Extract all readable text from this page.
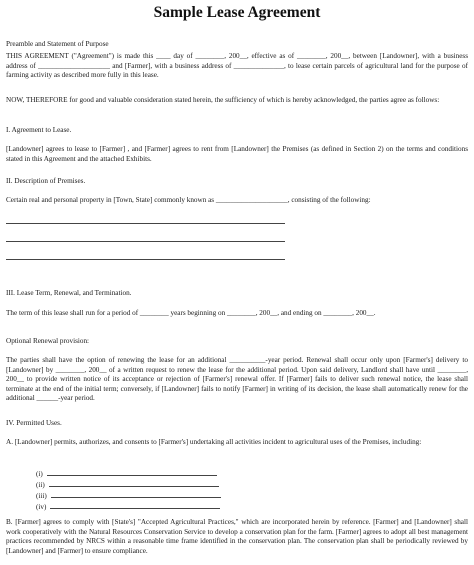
Sample Lease Agreement

Preamble and Statement of Purpose

THIS AGREEMENT ("Agreement") is made this ____ day of ________, 200__, effective as of ________, 200__, between [Landowner], with a business address of ____________________ and [Farmer], with a business address of ______________, to lease certain parcels of agricultural land for the purpose of farming activity as described more fully in this lease.

NOW, THEREFORE for good and valuable consideration stated herein, the sufficiency of which is hereby acknowledged, the parties agree as follows:

I. Agreement to Lease.

[Landowner] agrees to lease to [Farmer] , and [Farmer] agrees to rent from [Landowner] the Premises (as defined in Section 2) on the terms and conditions stated in this Agreement and the attached Exhibits.

II. Description of Premises.

Certain real and personal property in [Town, State] commonly known as ____________________, consisting of the following:

III. Lease Term, Renewal, and Termination.

The term of this lease shall run for a period of ________ years beginning on ________, 200__, and ending on ________, 200__.

Optional Renewal provision:

The parties shall have the option of renewing the lease for an additional __________-year period. Renewal shall occur only upon [Farmer's] delivery to [Landowner] by ________, 200__ of a written request to renew the lease for the additional period. Upon said delivery, Landlord shall have until ________, 200__ to provide written notice of its acceptance or rejection of [Farmer's] renewal offer. If [Farmer] fails to deliver such renewal notice, the lease shall terminate at the end of the initial term; conversely, if [Landowner] fails to notify [Farmer] in writing of its decision, the lease shall automatically renew for the additional ______-year period.

IV. Permitted Uses.

A. [Landowner] permits, authorizes, and consents to [Farmer's] undertaking all activities incident to agricultural uses of the Premises, including:

(i)
(ii)
(iii)
(iv)

B. [Farmer] agrees to comply with [State's] "Accepted Agricultural Practices," which are incorporated herein by reference. [Farmer] and [Landowner] shall work cooperatively with the Natural Resources Conservation Service to develop a conservation plan for the farm. [Farmer] agrees to adopt all best management practices recommended by NRCS within a reasonable time frame identified in the conservation plan. The conservation plan shall be periodically reviewed by [Landowner] and [Farmer] to ensure compliance.
